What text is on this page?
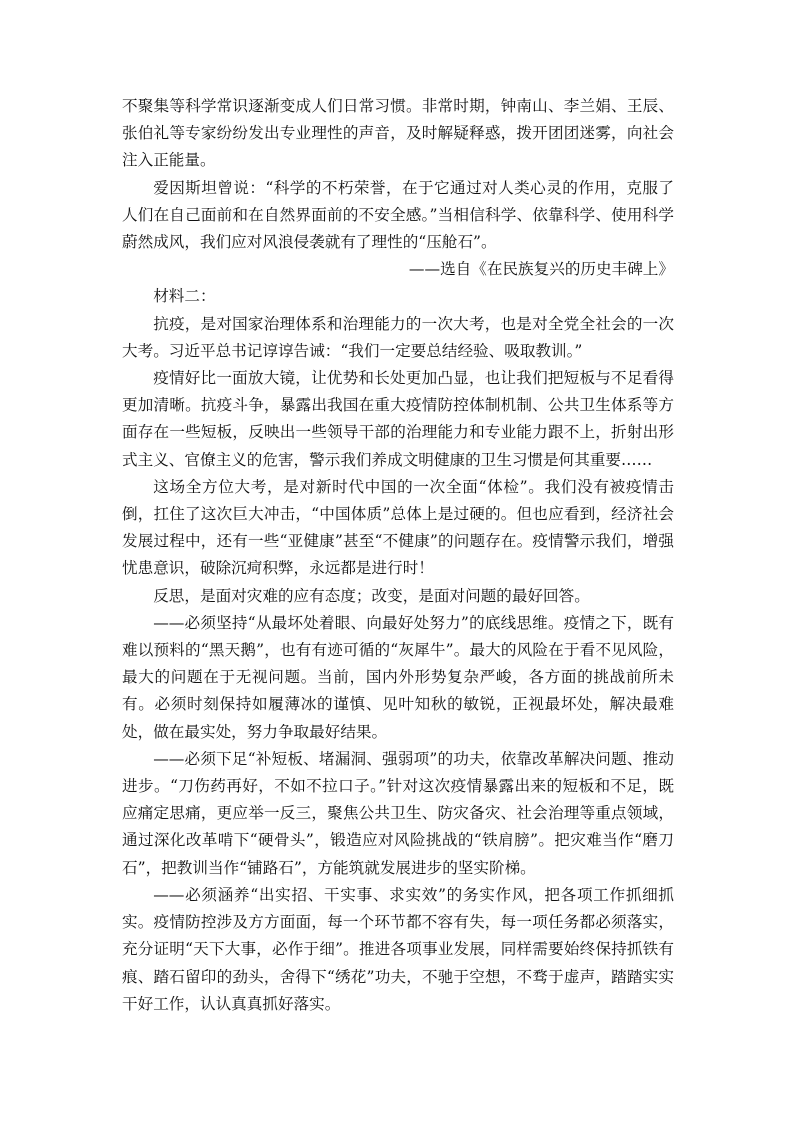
不聚集等科学常识逐渐变成人们日常习惯。非常时期，钟南山、李兰娟、王辰、张伯礼等专家纷纷发出专业理性的声音，及时解疑释惑，拨开团团迷雾，向社会注入正能量。

爱因斯坦曾说：“科学的不朽荣誉，在于它通过对人类心灵的作用，克服了人们在自己面前和在自然界面前的不安全感。”当相信科学、依靠科学、使用科学蔚然成风，我们应对风浪侵袭就有了理性的“压舱石”。

——选自《在民族复兴的历史丰碑上》

材料二：

抗疫，是对国家治理体系和治理能力的一次大考，也是对全党全社会的一次大考。习近平总书记谆谆告诫：“我们一定要总结经验、吸取教训。”

疫情好比一面放大镜，让优势和长处更加凸显，也让我们把短板与不足看得更加清晰。抗疫斗争，暴露出我国在重大疫情防控体制机制、公共卫生体系等方面存在一些短板，反映出一些领导干部的治理能力和专业能力跟不上，折射出形式主义、官僚主义的危害，警示我们养成文明健康的卫生习惯是何其重要……

这场全方位大考，是对新时代中国的一次全面“体检”。我们没有被疫情击倒，扛住了这次巨大冲击，“中国体质”总体上是过硬的。但也应看到，经济社会发展过程中，还有一些“亚健康”甚至“不健康”的问题存在。疫情警示我们，增强忧患意识，破除沉疴积弊，永远都是进行时！

反思，是面对灾难的应有态度；改变，是面对问题的最好回答。

——必须坚持“从最坏处着眼、向最好处努力”的底线思维。疫情之下，既有难以预料的“黑天鹅”，也有有迹可循的“灰犀牛”。最大的风险在于看不见风险，最大的问题在于无视问题。当前，国内外形势复杂严峻，各方面的挑战前所未有。必须时刻保持如履薄冰的谨慎、见叶知秋的敏锐，正视最坏处，解决最难处，做在最实处，努力争取最好结果。

——必须下足“补短板、堵漏洞、强弱项”的功夫，依靠改革解决问题、推动进步。“刀伤药再好，不如不拉口子。”针对这次疫情暴露出来的短板和不足，既应痛定思痛，更应举一反三，聚焦公共卫生、防灾备灾、社会治理等重点领域，通过深化改革啃下“硬骨头”，锻造应对风险挑战的“铁肩膀”。把灾难当作“磨刀石”，把教训当作“铺路石”，方能筑就发展进步的坚实阶梯。

——必须涵养“出实招、干实事、求实效”的务实作风，把各项工作抓细抓实。疫情防控涉及方方面面，每一个环节都不容有失，每一项任务都必须落实，充分证明“天下大事，必作于细”。推进各项事业发展，同样需要始终保持抓铁有痕、踏石留印的劲头，舍得下“绣花”功夫，不驰于空想，不骛于虚声，踏踏实实干好工作，认认真真抓好落实。
